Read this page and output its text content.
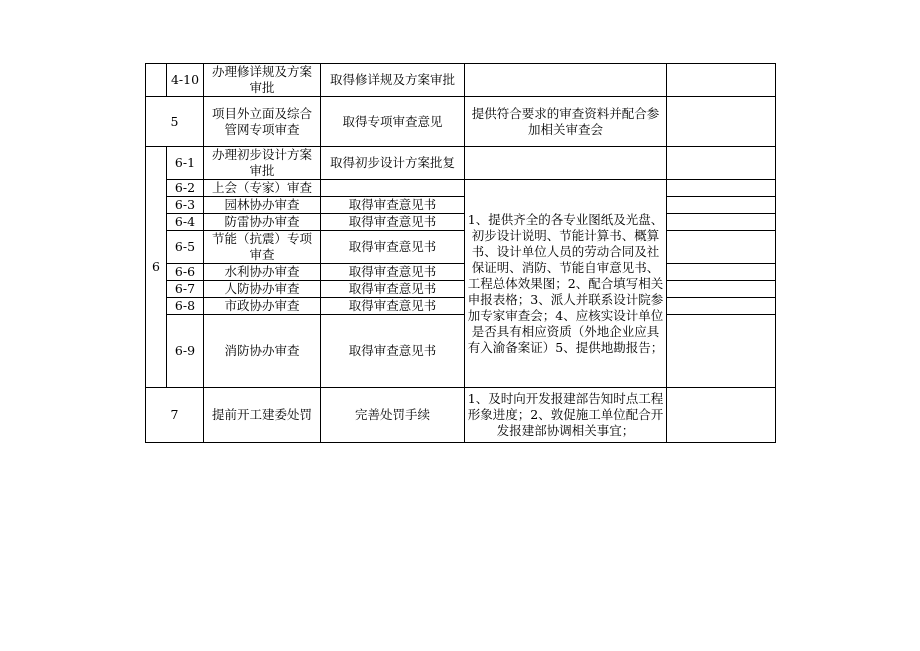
	4-10	办理修详规及方案审批	取得修详规及方案审批		
5		项目外立面及综合管网专项审查	取得专项审查意见	提供符合要求的审查资料并配合参加相关审查会	
6	6-1	办理初步设计方案审批	取得初步设计方案批复		
	6-2	上会（专家）审查		1、提供齐全的各专业图纸及光盘、初步设计说明、节能计算书、概算书、设计单位人员的劳动合同及社保证明、消防、节能自审意见书、工程总体效果图；2、配合填写相关申报表格；3、派人并联系设计院参加专家审查会；4、应核实设计单位是否具有相应资质（外地企业应具有入渝备案证）5、提供地勘报告；	
	6-3	园林协办审查	取得审查意见书		
	6-4	防雷协办审查	取得审查意见书		
	6-5	节能（抗震）专项审查	取得审查意见书		
	6-6	水利协办审查	取得审查意见书		
	6-7	人防协办审查	取得审查意见书		
	6-8	市政协办审查	取得审查意见书		
	6-9	消防协办审查	取得审查意见书		
7		提前开工建委处罚	完善处罚手续	1、及时向开发报建部告知时点工程形象进度；2、敦促施工单位配合开发报建部协调相关事宜；	
